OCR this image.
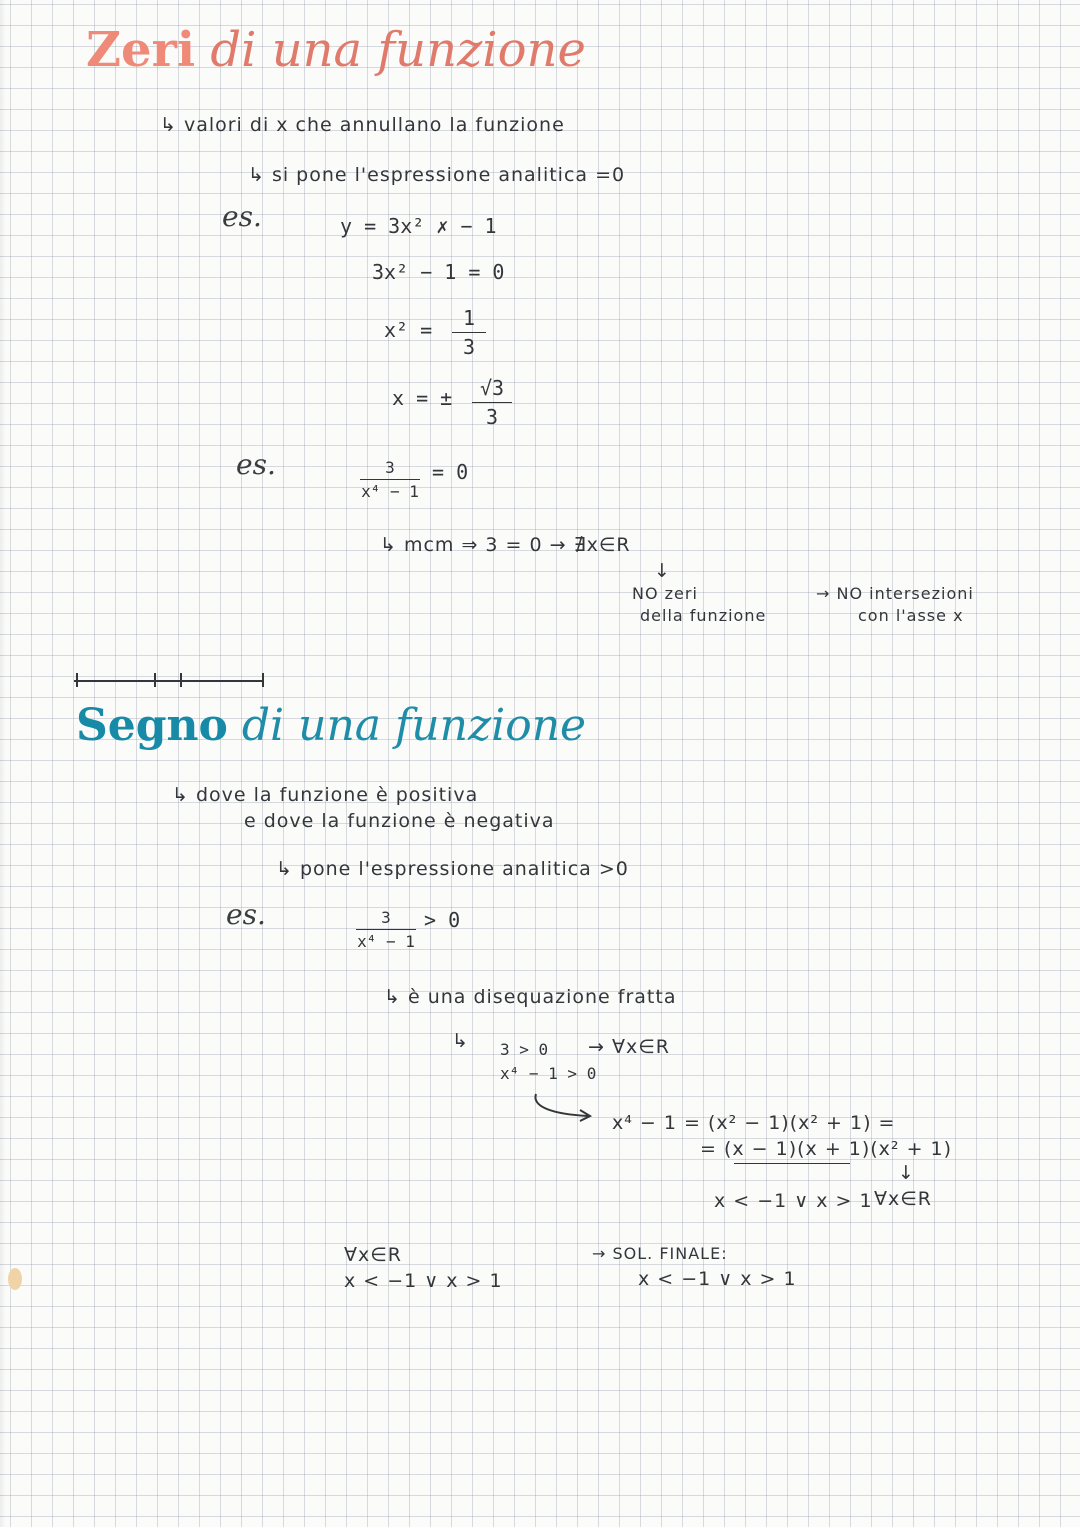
Zeri di una funzione
↳ valori di x che annullano la funzione
↳ si pone l'espressione analitica =0
es.	y = 3x² ✗ − 1
3x² − 1 = 0
x² =	1
3
x = ±	√3
3
es.	3
x⁴ − 1
= 0
↳ mcm ⇒ 3 = 0 → ∄x∈R
↓
NO zeri
della funzione
→ NO intersezioni
con l'asse x
Segno di una funzione
↳ dove la funzione è positiva
e dove la funzione è negativa
↳ pone l'espressione analitica >0
es.	3
x⁴ − 1
> 0
↳ è una disequazione fratta
↳ 3 > 0 → ∀x∈R
x⁴ − 1 > 0
x⁴ − 1 = (x² − 1)(x² + 1) =
= (x − 1)(x + 1)(x² + 1)
↓
x < −1 ∨ x > 1 ∀x∈R
∀x∈R
x < −1 ∨ x > 1
→ SOL. FINALE:
x < −1 ∨ x > 1
